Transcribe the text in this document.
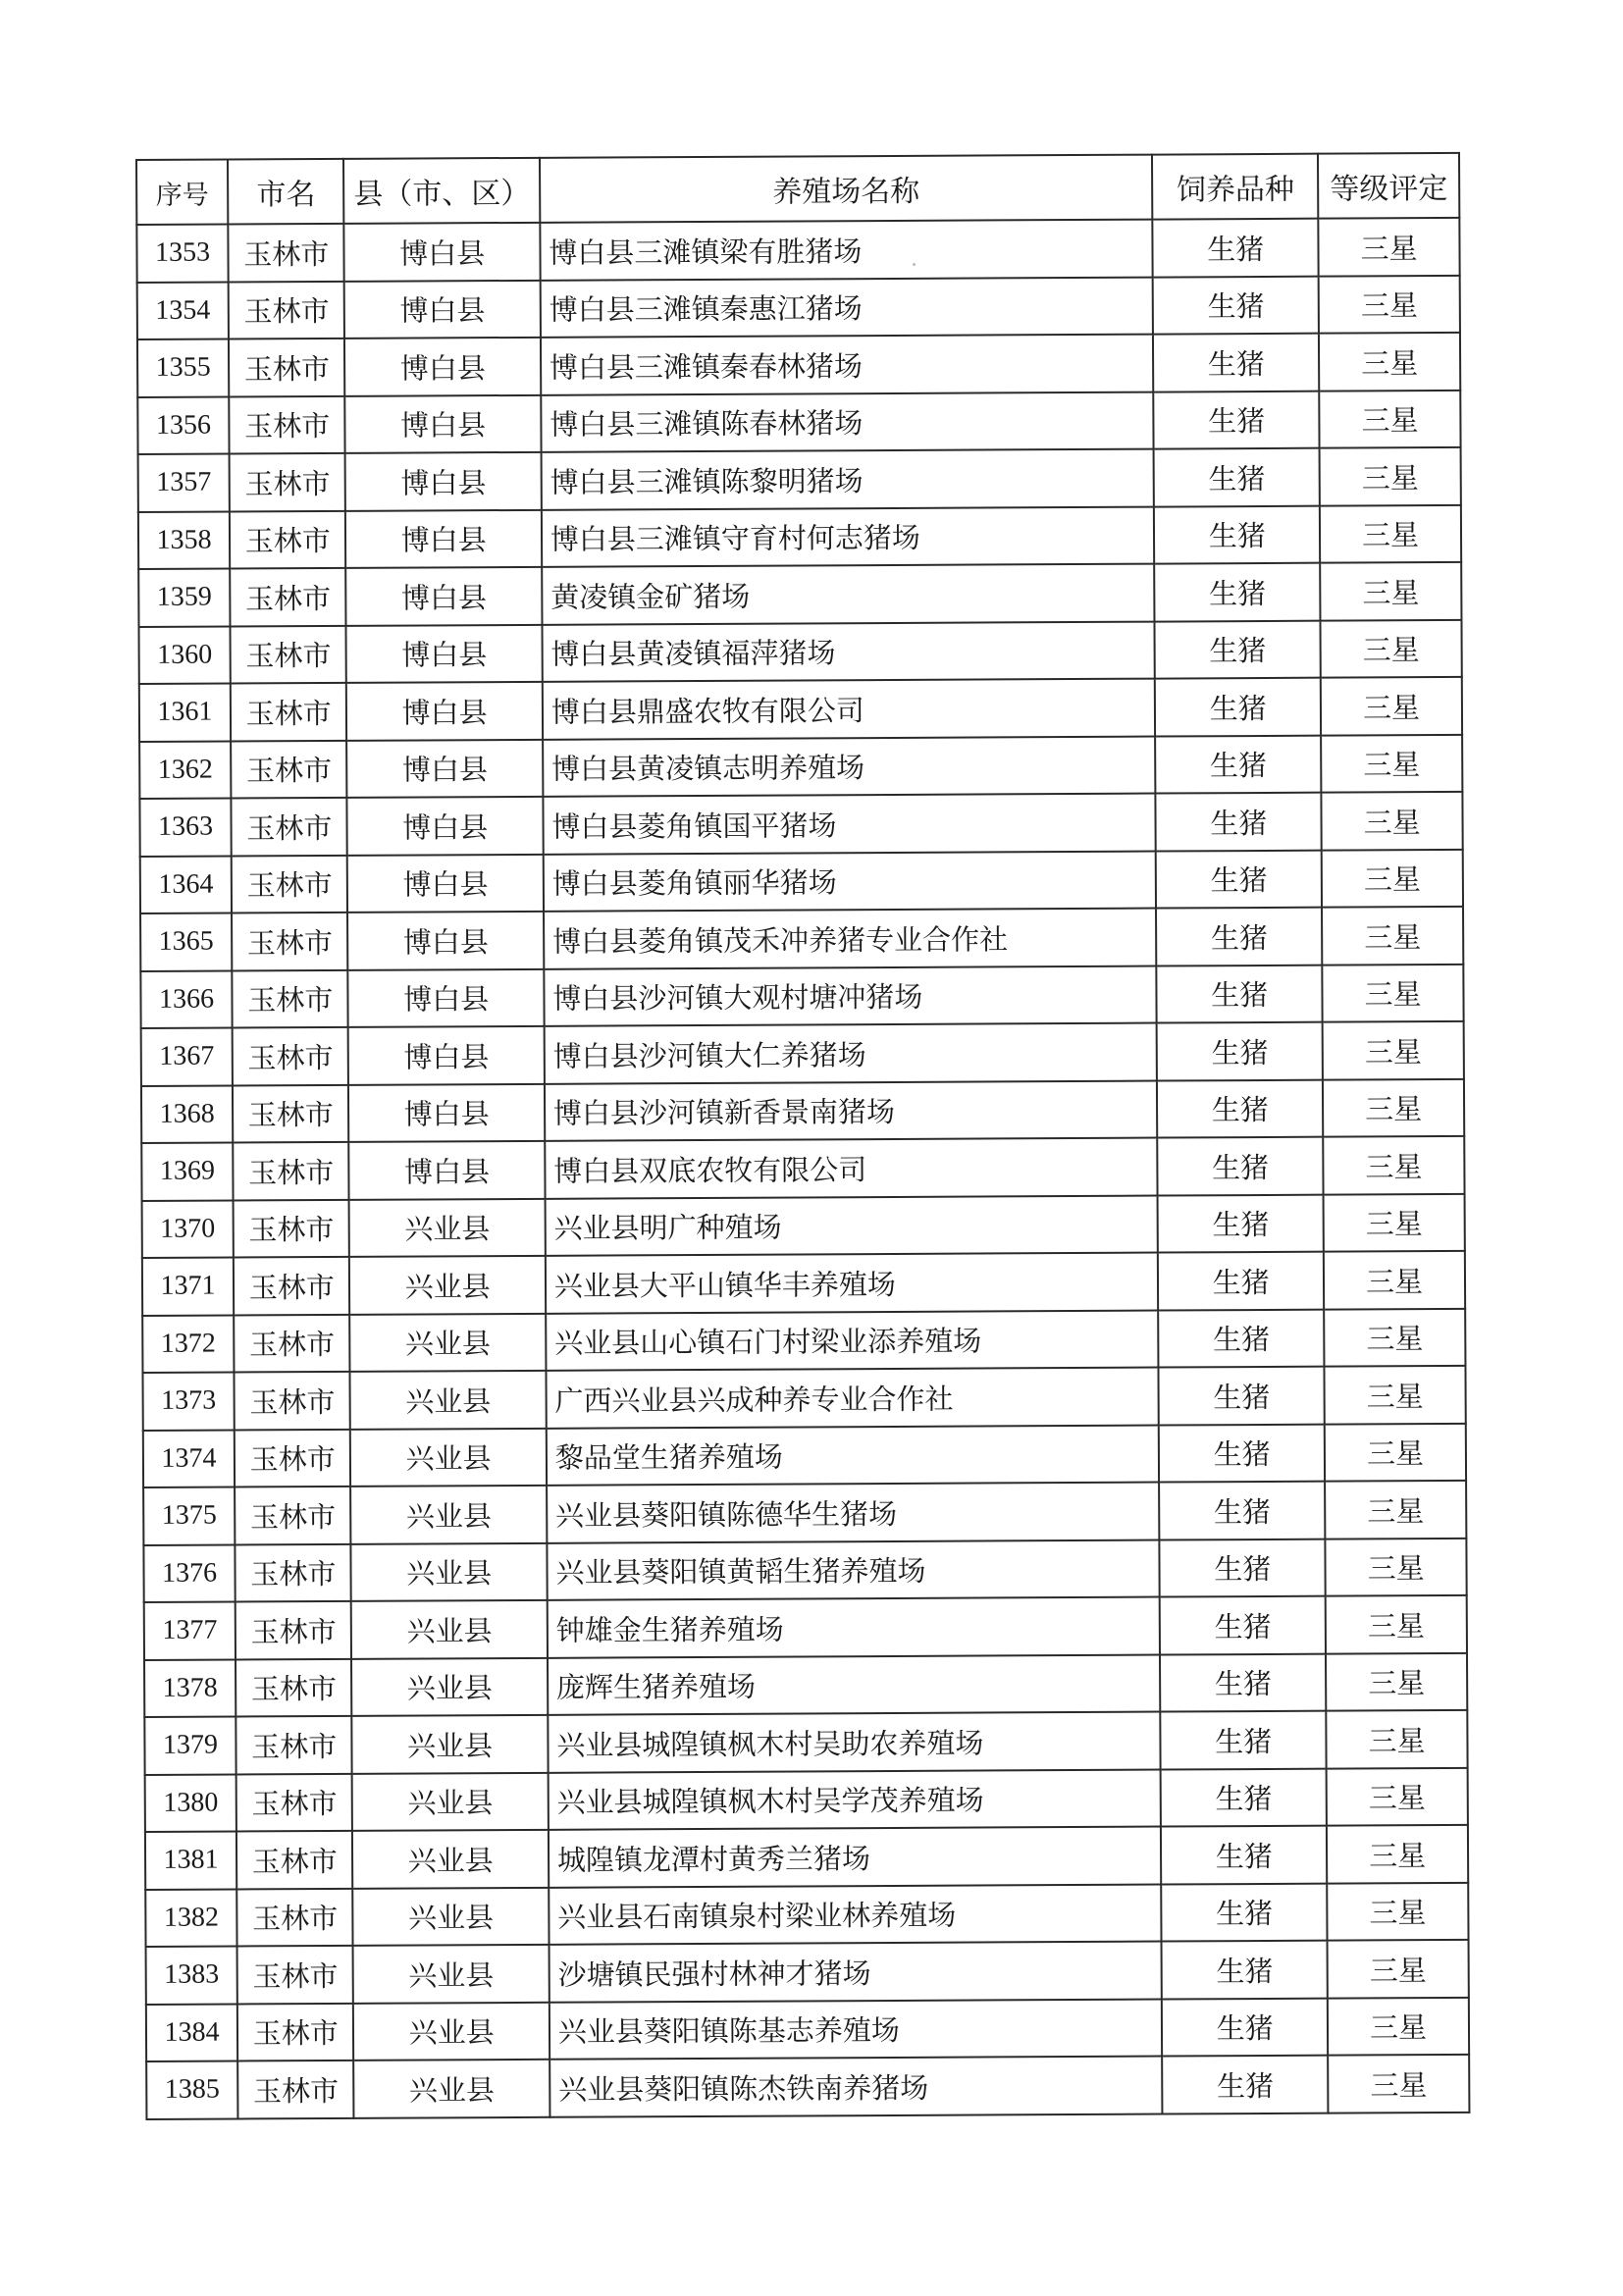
序号	市名	县（市、区）	养殖场名称	饲养品种	等级评定
1353	玉林市	博白县	博白县三滩镇梁有胜猪场	生猪	三星
1354	玉林市	博白县	博白县三滩镇秦惠江猪场	生猪	三星
1355	玉林市	博白县	博白县三滩镇秦春林猪场	生猪	三星
1356	玉林市	博白县	博白县三滩镇陈春林猪场	生猪	三星
1357	玉林市	博白县	博白县三滩镇陈黎明猪场	生猪	三星
1358	玉林市	博白县	博白县三滩镇守育村何志猪场	生猪	三星
1359	玉林市	博白县	黄凌镇金矿猪场	生猪	三星
1360	玉林市	博白县	博白县黄凌镇福萍猪场	生猪	三星
1361	玉林市	博白县	博白县鼎盛农牧有限公司	生猪	三星
1362	玉林市	博白县	博白县黄凌镇志明养殖场	生猪	三星
1363	玉林市	博白县	博白县菱角镇国平猪场	生猪	三星
1364	玉林市	博白县	博白县菱角镇丽华猪场	生猪	三星
1365	玉林市	博白县	博白县菱角镇茂禾冲养猪专业合作社	生猪	三星
1366	玉林市	博白县	博白县沙河镇大观村塘冲猪场	生猪	三星
1367	玉林市	博白县	博白县沙河镇大仁养猪场	生猪	三星
1368	玉林市	博白县	博白县沙河镇新香景南猪场	生猪	三星
1369	玉林市	博白县	博白县双底农牧有限公司	生猪	三星
1370	玉林市	兴业县	兴业县明广种殖场	生猪	三星
1371	玉林市	兴业县	兴业县大平山镇华丰养殖场	生猪	三星
1372	玉林市	兴业县	兴业县山心镇石门村梁业添养殖场	生猪	三星
1373	玉林市	兴业县	广西兴业县兴成种养专业合作社	生猪	三星
1374	玉林市	兴业县	黎品堂生猪养殖场	生猪	三星
1375	玉林市	兴业县	兴业县葵阳镇陈德华生猪场	生猪	三星
1376	玉林市	兴业县	兴业县葵阳镇黄韬生猪养殖场	生猪	三星
1377	玉林市	兴业县	钟雄金生猪养殖场	生猪	三星
1378	玉林市	兴业县	庞辉生猪养殖场	生猪	三星
1379	玉林市	兴业县	兴业县城隍镇枫木村吴助农养殖场	生猪	三星
1380	玉林市	兴业县	兴业县城隍镇枫木村吴学茂养殖场	生猪	三星
1381	玉林市	兴业县	城隍镇龙潭村黄秀兰猪场	生猪	三星
1382	玉林市	兴业县	兴业县石南镇泉村梁业林养殖场	生猪	三星
1383	玉林市	兴业县	沙塘镇民强村林神才猪场	生猪	三星
1384	玉林市	兴业县	兴业县葵阳镇陈基志养殖场	生猪	三星
1385	玉林市	兴业县	兴业县葵阳镇陈杰铁南养猪场	生猪	三星
